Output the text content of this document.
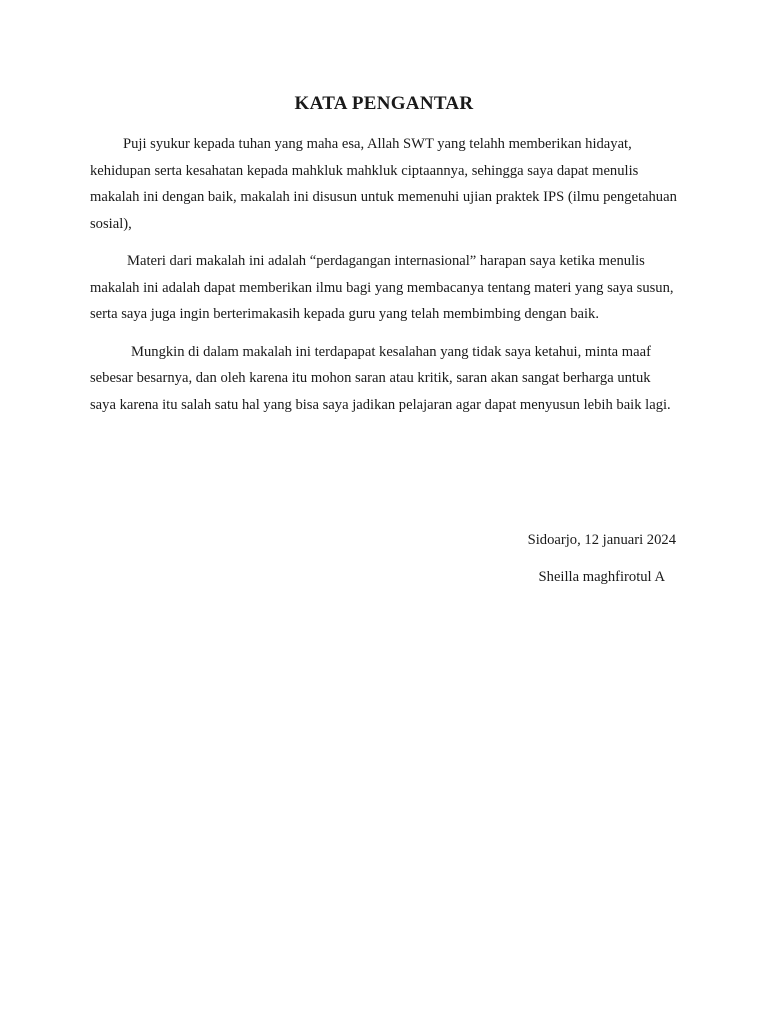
KATA PENGANTAR

Puji syukur kepada tuhan yang maha esa, Allah SWT yang telahh memberikan hidayat, kehidupan serta kesahatan kepada mahkluk mahkluk ciptaannya, sehingga saya dapat menulis makalah ini dengan baik, makalah ini disusun untuk memenuhi ujian praktek IPS (ilmu pengetahuan sosial),

Materi dari makalah ini adalah “perdagangan internasional” harapan saya ketika menulis makalah ini adalah dapat memberikan ilmu bagi yang membacanya tentang materi yang saya susun, serta saya juga ingin berterimakasih kepada guru yang telah membimbing dengan baik.

Mungkin di dalam makalah ini terdapapat kesalahan yang tidak saya ketahui, minta maaf sebesar besarnya, dan oleh karena itu mohon saran atau kritik, saran akan sangat berharga untuk saya karena itu salah satu hal yang bisa saya jadikan pelajaran agar dapat menyusun lebih baik lagi.

Sidoarjo, 12 januari 2024
Sheilla maghfirotul A
